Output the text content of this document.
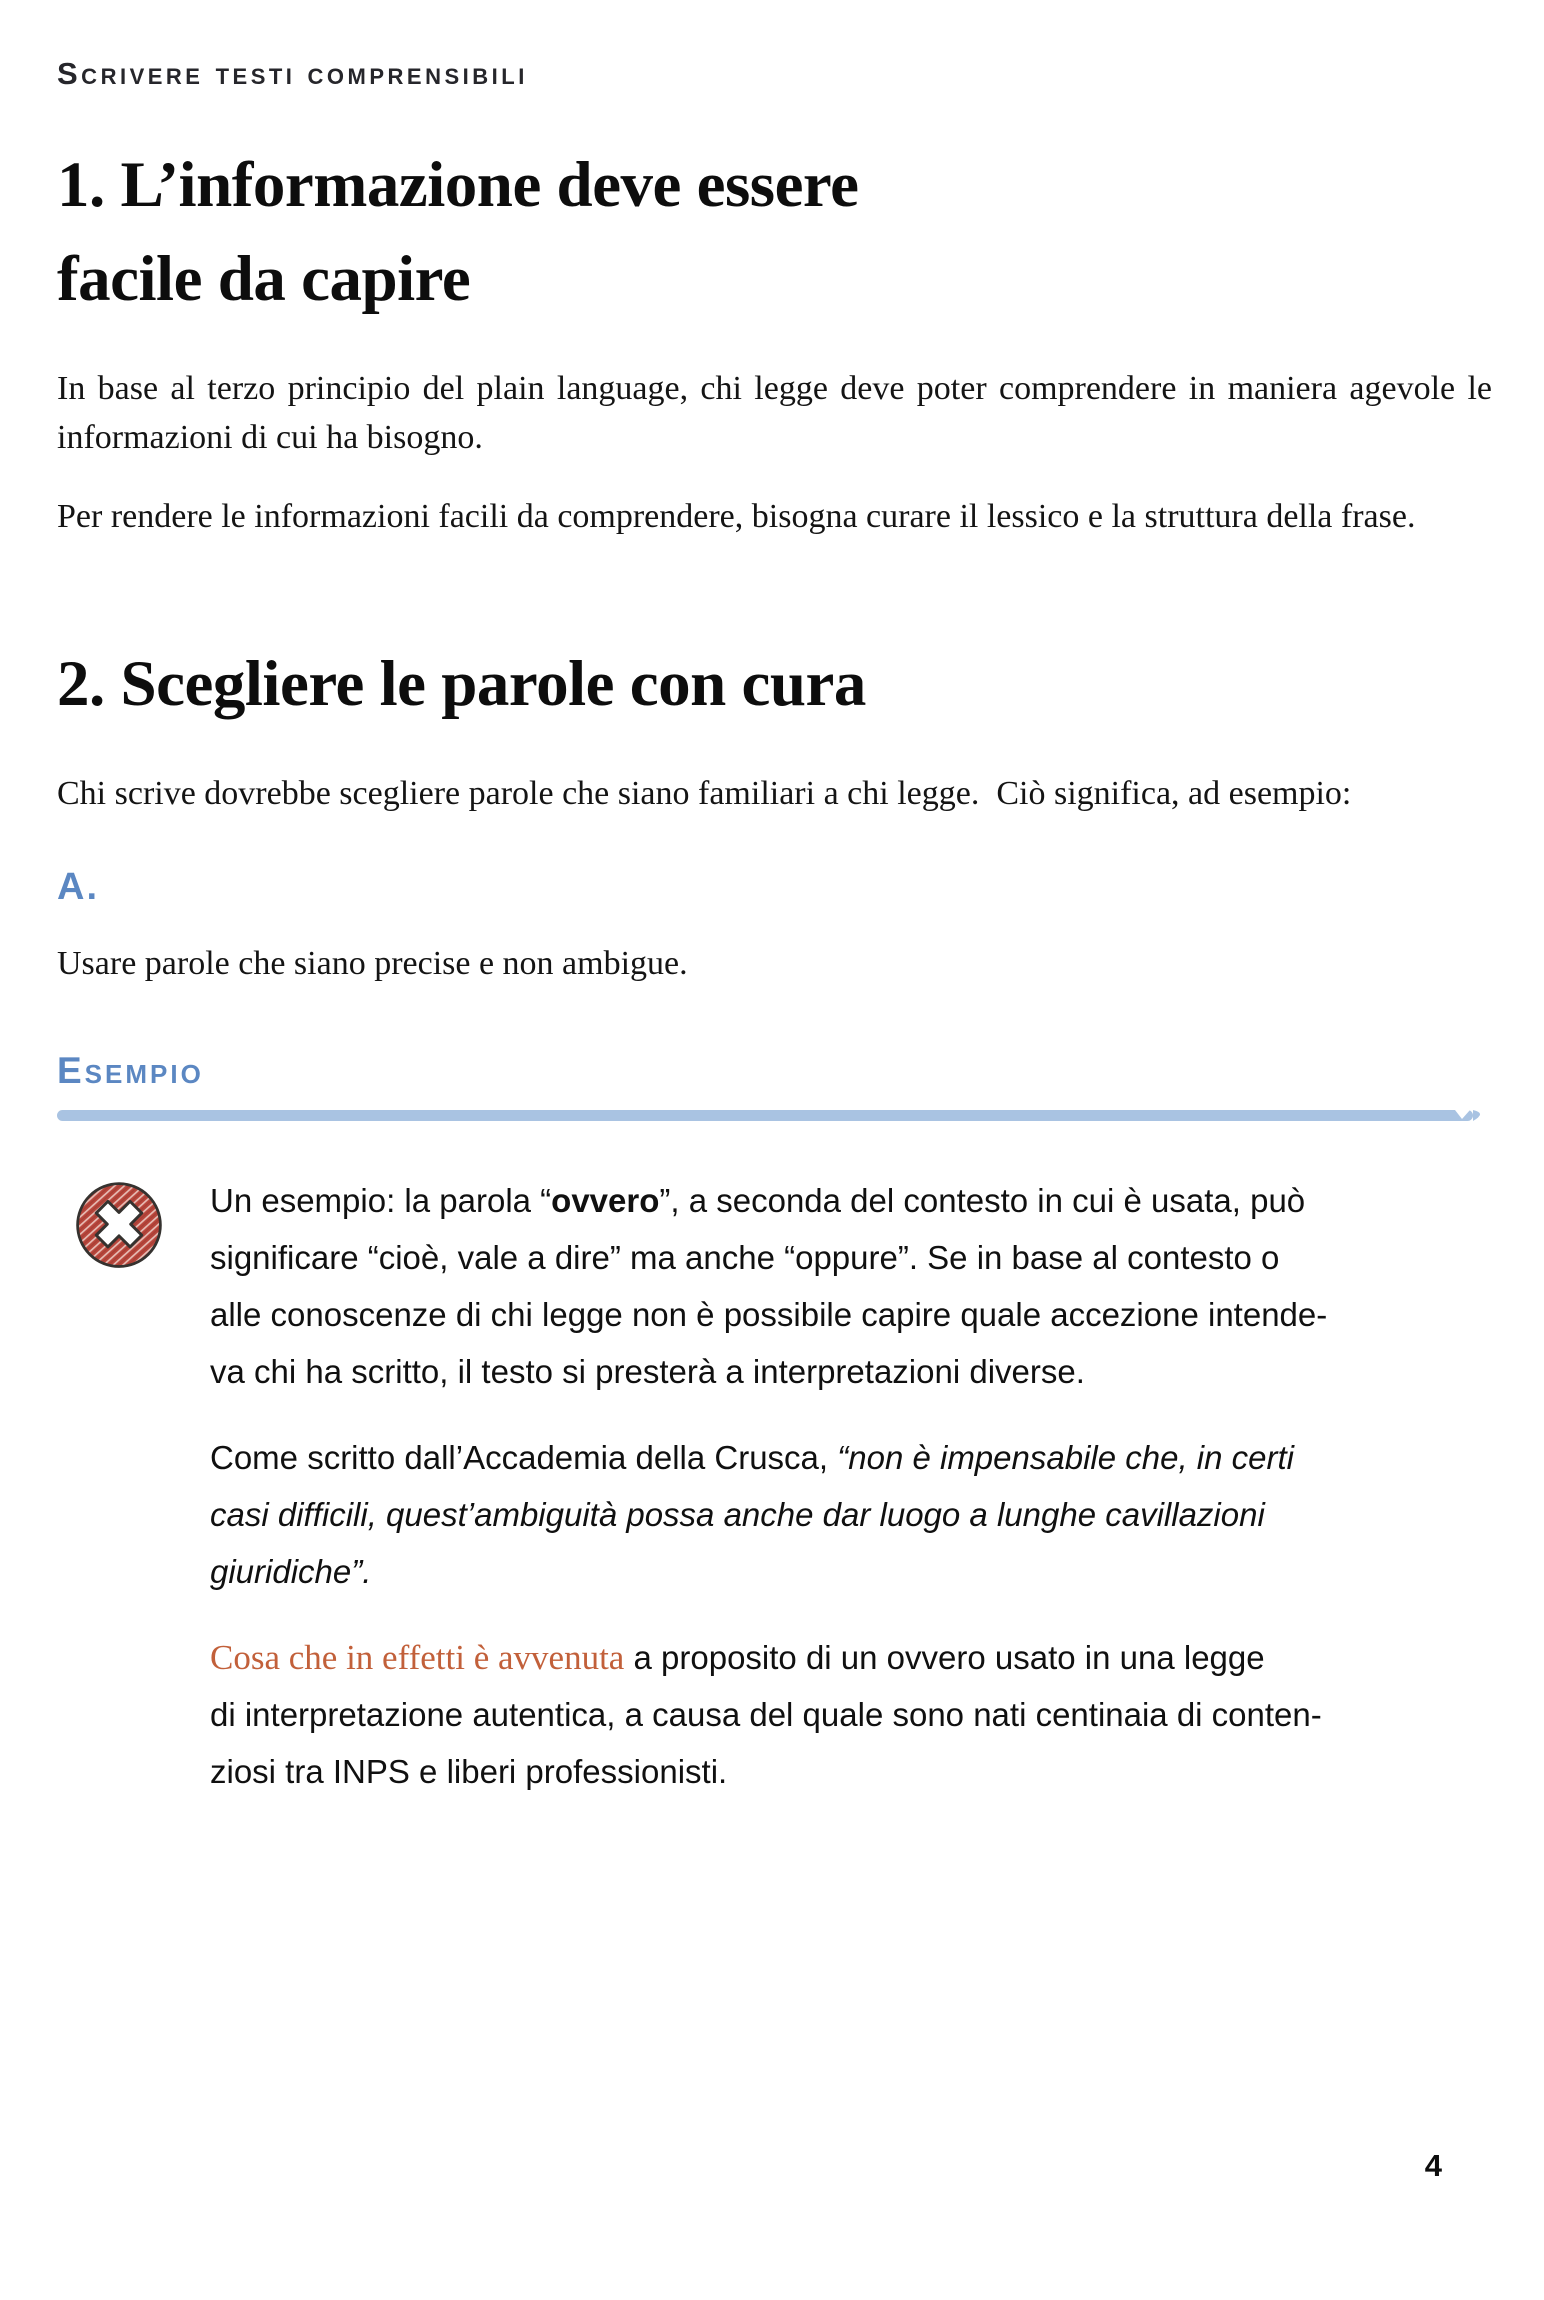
Scrivere testi comprensibili
1. L’informazione deve essere
facile da capire

In base al terzo principio del plain language, chi legge deve poter comprendere in maniera agevole le informazioni di cui ha bisogno.

Per rendere le informazioni facili da comprendere, bisogna curare il lessico e la struttura della frase.

2. Scegliere le parole con cura

Chi scrive dovrebbe scegliere parole che siano familiari a chi legge.  Ciò significa, ad esempio:

A.

Usare parole che siano precise e non ambigue.

Esempio
Un esempio: la parola “ovvero”, a seconda del contesto in cui è usata, può
significare “cioè, vale a dire” ma anche “oppure”. Se in base al contesto o
alle conoscenze di chi legge non è possibile capire quale accezione intende-
va chi ha scritto, il testo si presterà a interpretazioni diverse.
Come scritto dall’Accademia della Crusca, “non è impensabile che, in certi
casi difficili, quest’ambiguità possa anche dar luogo a lunghe cavillazioni
giuridiche”.
Cosa che in effetti è avvenuta a proposito di un ovvero usato in una legge
di interpretazione autentica, a causa del quale sono nati centinaia di conten-
ziosi tra INPS e liberi professionisti.
4
